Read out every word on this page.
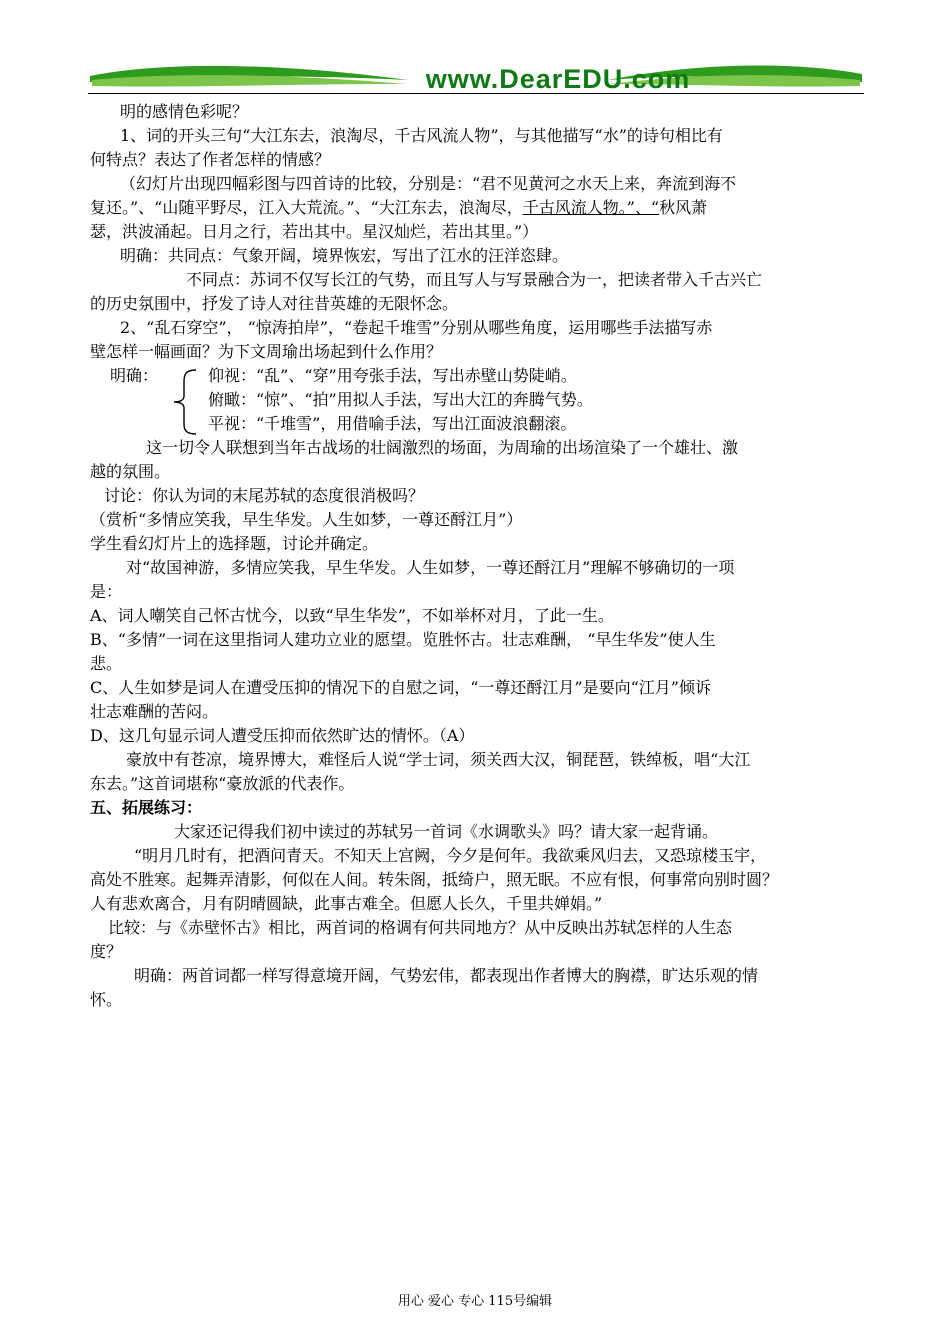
www.DearEDU.com
明的感情色彩呢？
1、词的开头三句“大江东去，浪淘尽，千古风流人物”，与其他描写“水”的诗句相比有
何特点？表达了作者怎样的情感？
（幻灯片出现四幅彩图与四首诗的比较，分别是：“君不见黄河之水天上来，奔流到海不
复还。”、“山随平野尽，江入大荒流。”、“大江东去，浪淘尽，千古风流人物。”、“秋风萧
瑟，洪波涌起。日月之行，若出其中。星汉灿烂，若出其里。”）
明确：共同点：气象开阔，境界恢宏，写出了江水的汪洋恣肆。
不同点：苏词不仅写长江的气势，而且写人与写景融合为一，把读者带入千古兴亡
的历史氛围中，抒发了诗人对往昔英雄的无限怀念。
2、“乱石穿空”， “惊涛拍岸”，“卷起千堆雪”分别从哪些角度，运用哪些手法描写赤
壁怎样一幅画面？为下文周瑜出场起到什么作用？
明确：	仰视：“乱”、“穿”用夸张手法，写出赤壁山势陡峭。
俯瞰：“惊”、“拍”用拟人手法，写出大江的奔腾气势。
平视：“千堆雪”，用借喻手法，写出江面波浪翻滚。
这一切令人联想到当年古战场的壮阔激烈的场面，为周瑜的出场渲染了一个雄壮、激
越的氛围。
讨论：你认为词的末尾苏轼的态度很消极吗？
（赏析“多情应笑我，早生华发。人生如梦，一尊还酹江月”）
学生看幻灯片上的选择题，讨论并确定。
对“故国神游，多情应笑我，早生华发。人生如梦，一尊还酹江月”理解不够确切的一项
是：
A、词人嘲笑自己怀古忧今，以致“早生华发”，不如举杯对月，了此一生。
B、“多情”一词在这里指词人建功立业的愿望。览胜怀古。壮志难酬， “早生华发”使人生
悲。
C、人生如梦是词人在遭受压抑的情况下的自慰之词，“一尊还酹江月”是要向“江月”倾诉
壮志难酬的苦闷。
D、这几句显示词人遭受压抑而依然旷达的情怀。（A）
豪放中有苍凉，境界博大，难怪后人说“学士词，须关西大汉，铜琵琶，铁绰板，唱“大江
东去。”这首词堪称“豪放派的代表作。
五、拓展练习：
大家还记得我们初中读过的苏轼另一首词《水调歌头》吗？请大家一起背诵。
“明月几时有，把酒问青天。不知天上宫阙，今夕是何年。我欲乘风归去，又恐琼楼玉宇，
高处不胜寒。起舞弄清影，何似在人间。转朱阁，抵绮户，照无眠。不应有恨，何事常向别时圆？
人有悲欢离合，月有阴晴圆缺，此事古难全。但愿人长久，千里共婵娟。”
比较：与《赤壁怀古》相比，两首词的格调有何共同地方？从中反映出苏轼怎样的人生态
度？
明确：两首词都一样写得意境开阔，气势宏伟，都表现出作者博大的胸襟，旷达乐观的情
怀。
用心 爱心 专心 115号编辑
